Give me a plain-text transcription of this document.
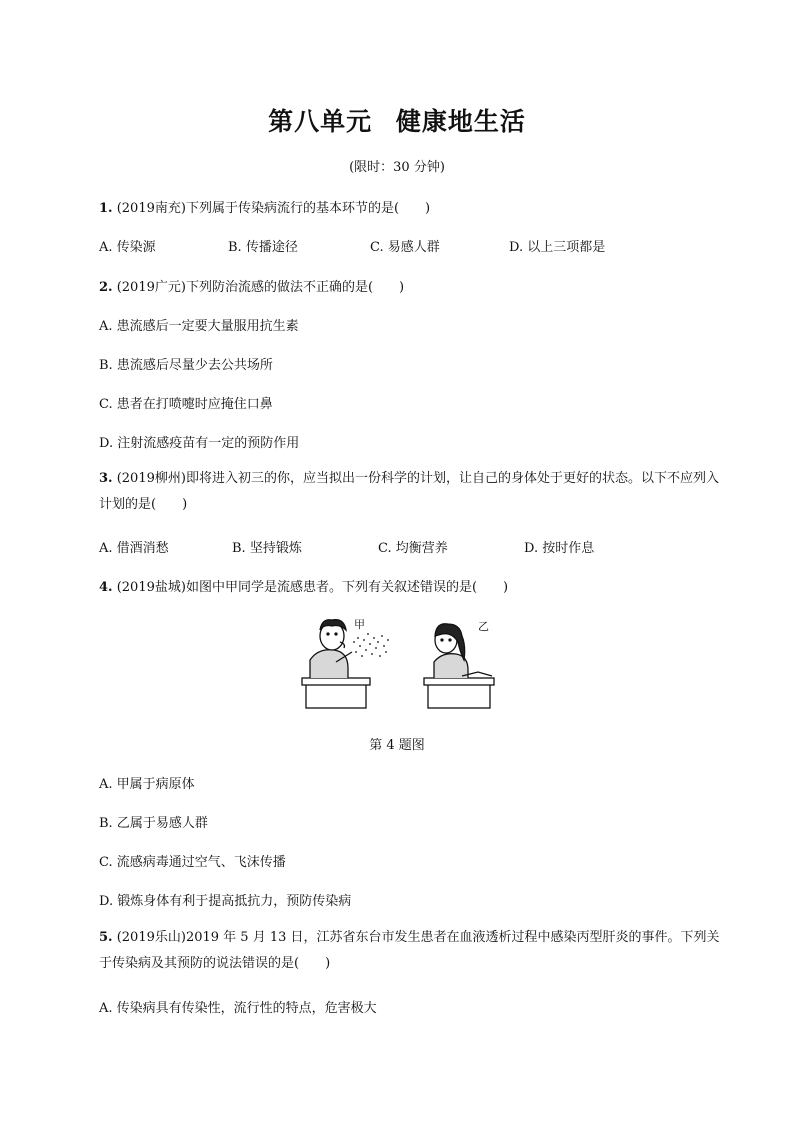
第八单元 健康地生活
(限时：30 分钟)
1. (2019南充)下列属于传染病流行的基本环节的是(　　)
A. 传染源	B. 传播途径	C. 易感人群	D. 以上三项都是
2. (2019广元)下列防治流感的做法不正确的是(　　)
A. 患流感后一定要大量服用抗生素
B. 患流感后尽量少去公共场所
C. 患者在打喷嚏时应掩住口鼻
D. 注射流感疫苗有一定的预防作用
3. (2019柳州)即将进入初三的你，应当拟出一份科学的计划，让自己的身体处于更好的状态。以下不应列入计划的是(　　)
A. 借酒消愁	B. 坚持锻炼	C. 均衡营养	D. 按时作息
4. (2019盐城)如图中甲同学是流感患者。下列有关叙述错误的是(　　)
甲	乙
第 4 题图
A. 甲属于病原体
B. 乙属于易感人群
C. 流感病毒通过空气、飞沫传播
D. 锻炼身体有利于提高抵抗力，预防传染病
5. (2019乐山)2019 年 5 月 13 日，江苏省东台市发生患者在血液透析过程中感染丙型肝炎的事件。下列关于传染病及其预防的说法错误的是(　　)
A. 传染病具有传染性，流行性的特点，危害极大
